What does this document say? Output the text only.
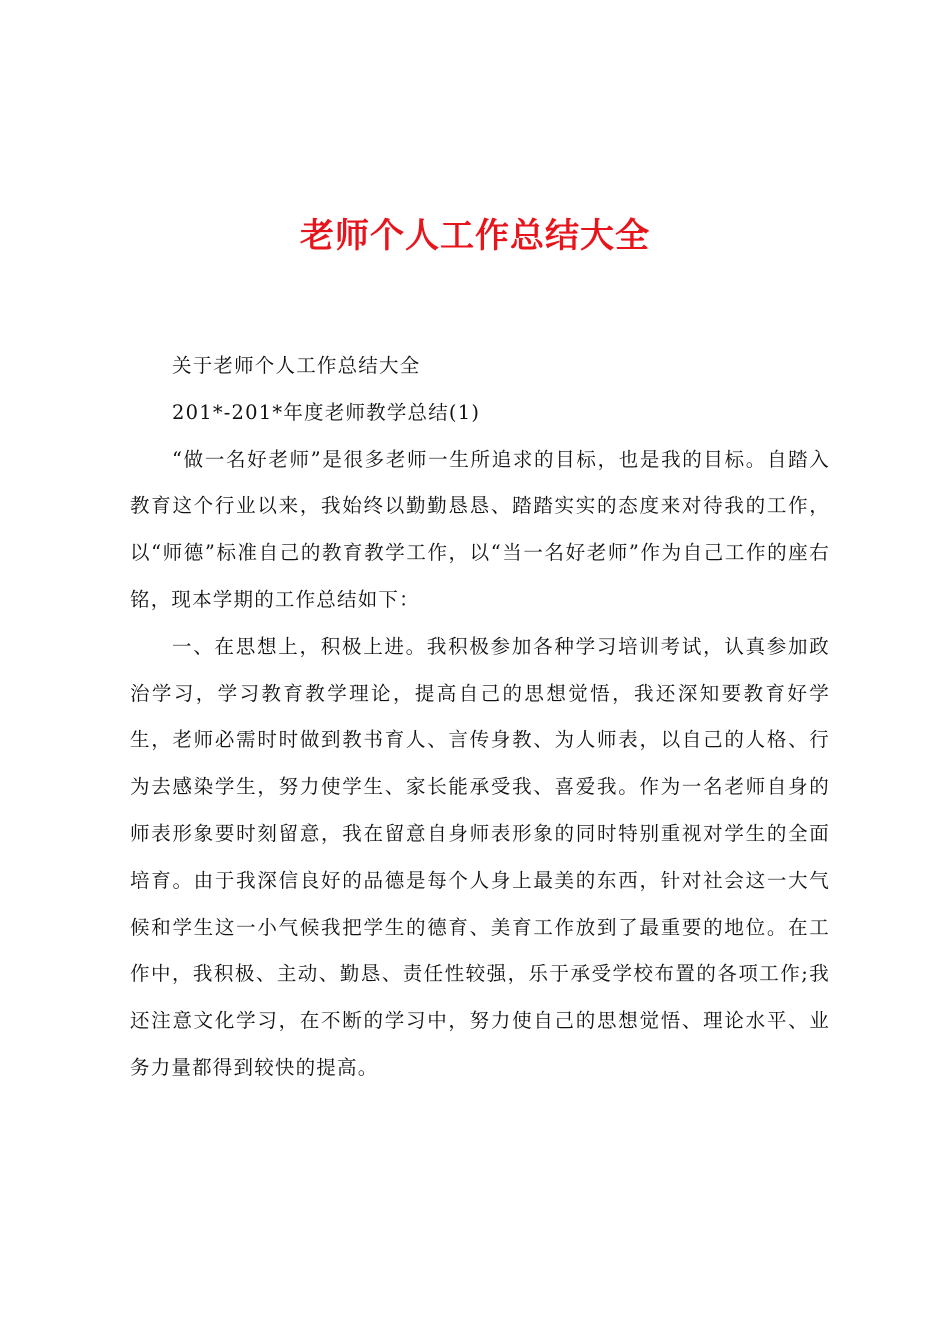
老师个人工作总结大全

关于老师个人工作总结大全

201*-201*年度老师教学总结(1)

“做一名好老师”是很多老师一生所追求的目标，也是我的目标。自踏入教育这个行业以来，我始终以勤勤恳恳、踏踏实实的态度来对待我的工作，以“师德”标准自己的教育教学工作，以“当一名好老师”作为自己工作的座右铭，现本学期的工作总结如下：

一、在思想上，积极上进。我积极参加各种学习培训考试，认真参加政治学习，学习教育教学理论，提高自己的思想觉悟，我还深知要教育好学生，老师必需时时做到教书育人、言传身教、为人师表，以自己的人格、行为去感染学生，努力使学生、家长能承受我、喜爱我。作为一名老师自身的师表形象要时刻留意，我在留意自身师表形象的同时特别重视对学生的全面培育。由于我深信良好的品德是每个人身上最美的东西，针对社会这一大气候和学生这一小气候我把学生的德育、美育工作放到了最重要的地位。在工作中，我积极、主动、勤恳、责任性较强，乐于承受学校布置的各项工作;我还注意文化学习，在不断的学习中，努力使自己的思想觉悟、理论水平、业务力量都得到较快的提高。
